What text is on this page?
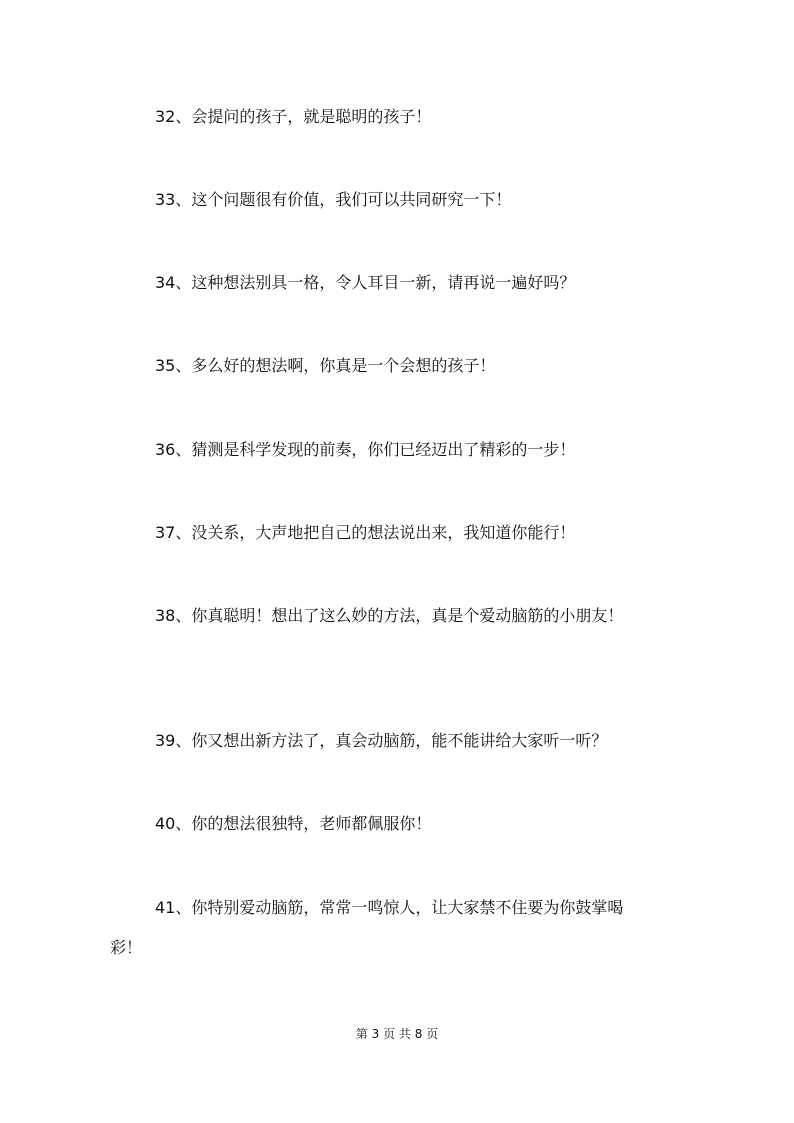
32、会提问的孩子，就是聪明的孩子！
33、这个问题很有价值，我们可以共同研究一下！
34、这种想法别具一格，令人耳目一新，请再说一遍好吗？
35、多么好的想法啊，你真是一个会想的孩子！
36、猜测是科学发现的前奏，你们已经迈出了精彩的一步！
37、没关系，大声地把自己的想法说出来，我知道你能行！
38、你真聪明！想出了这么妙的方法，真是个爱动脑筋的小朋友！
39、你又想出新方法了，真会动脑筋，能不能讲给大家听一听？
40、你的想法很独特，老师都佩服你！
41、你特别爱动脑筋，常常一鸣惊人，让大家禁不住要为你鼓掌喝
彩！
第 3 页 共 8 页
